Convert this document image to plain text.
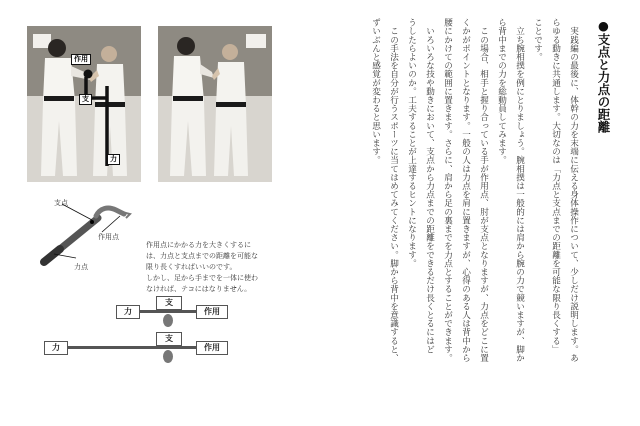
作用
支
力
支点
作用点
力点
作用点にかかる力を大きくするに
は、力点と支点までの距離を可能な
限り長くすればいいのです。
しかし、足から手までを一体に使わ
なければ、テコにはなりません。
力
支
作用
力
支
作用
●支点と力点の距離
　実践編の最後に、体幹の力を末端に伝える身体操作について、少しだけ説明します。あ
らゆる動きに共通します。大切なのは「力点と支点までの距離を可能な限り長くする」
ことです。
　立ち腕相撲を例にとりましょう。腕相撲は一般的には肩から腕の力で競いますが、脚か
ら背中までの力を総動員してみます。
　この場合、相手と握り合っている手が作用点、肘が支点となりますが、力点をどこに置
くかがポイントとなります。一般の人は力点を肩に置きますが、心得のある人は背中から
腰にかけての範囲に置きます。さらに、肩から足の裏までを力点とすることができます。
　いろいろな技や動きにおいて、支点から力点までの距離をできるだけ長くとるにはど
うしたらよいのか。工夫することが上達するヒントになります。
　この手法を自分が行うスポーツに当てはめてみてください。脚から背中を意識すると、
ずいぶんと感覚が変わると思います。
